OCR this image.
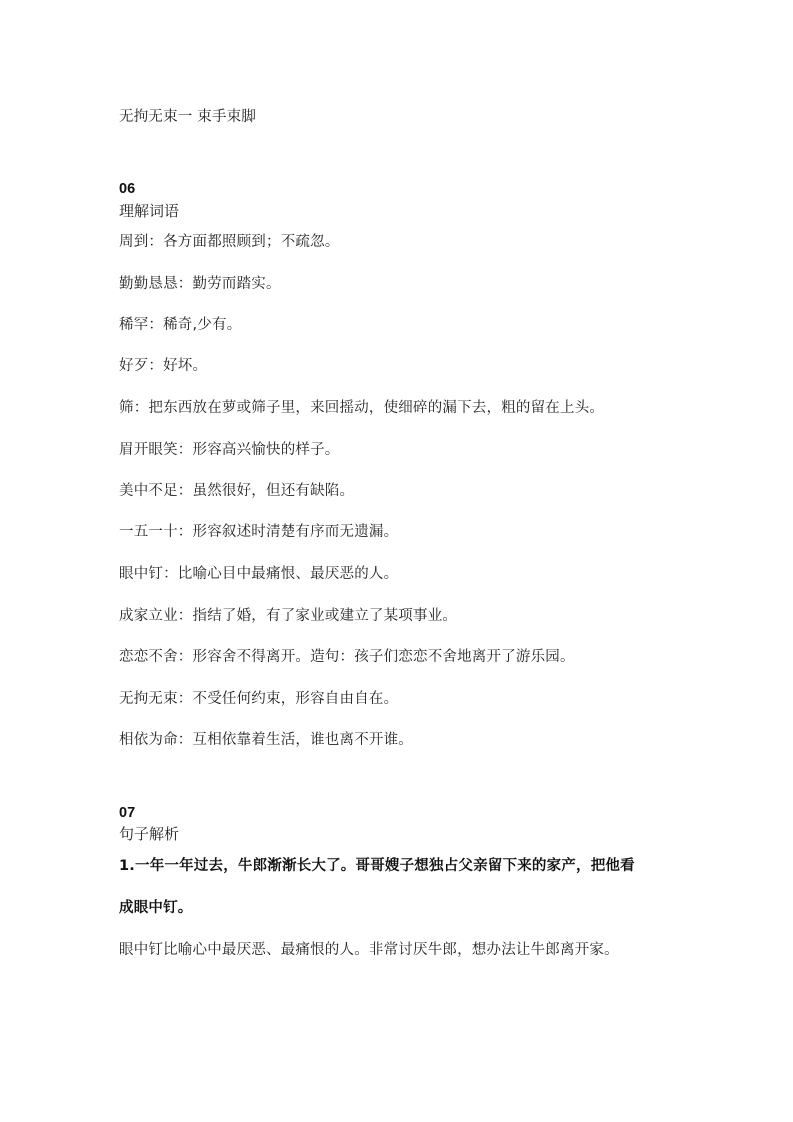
无拘无束一 束手束脚
06
理解词语
周到：各方面都照顾到；不疏忽。
勤勤恳恳：勤劳而踏实。
稀罕：稀奇,少有。
好歹：好坏。
筛：把东西放在萝或筛子里，来回摇动，使细碎的漏下去，粗的留在上头。
眉开眼笑：形容高兴愉快的样子。
美中不足：虽然很好，但还有缺陷。
一五一十：形容叙述时清楚有序而无遗漏。
眼中钉：比喻心目中最痛恨、最厌恶的人。
成家立业：指结了婚，有了家业或建立了某项事业。
恋恋不舍：形容舍不得离开。造句：孩子们恋恋不舍地离开了游乐园。
无拘无束：不受任何约束，形容自由自在。
相依为命：互相依靠着生活，谁也离不开谁。
07
句子解析
1.一年一年过去，牛郎渐渐长大了。哥哥嫂子想独占父亲留下来的家产，把他看
成眼中钉。
眼中钉比喻心中最厌恶、最痛恨的人。非常讨厌牛郎，想办法让牛郎离开家。
